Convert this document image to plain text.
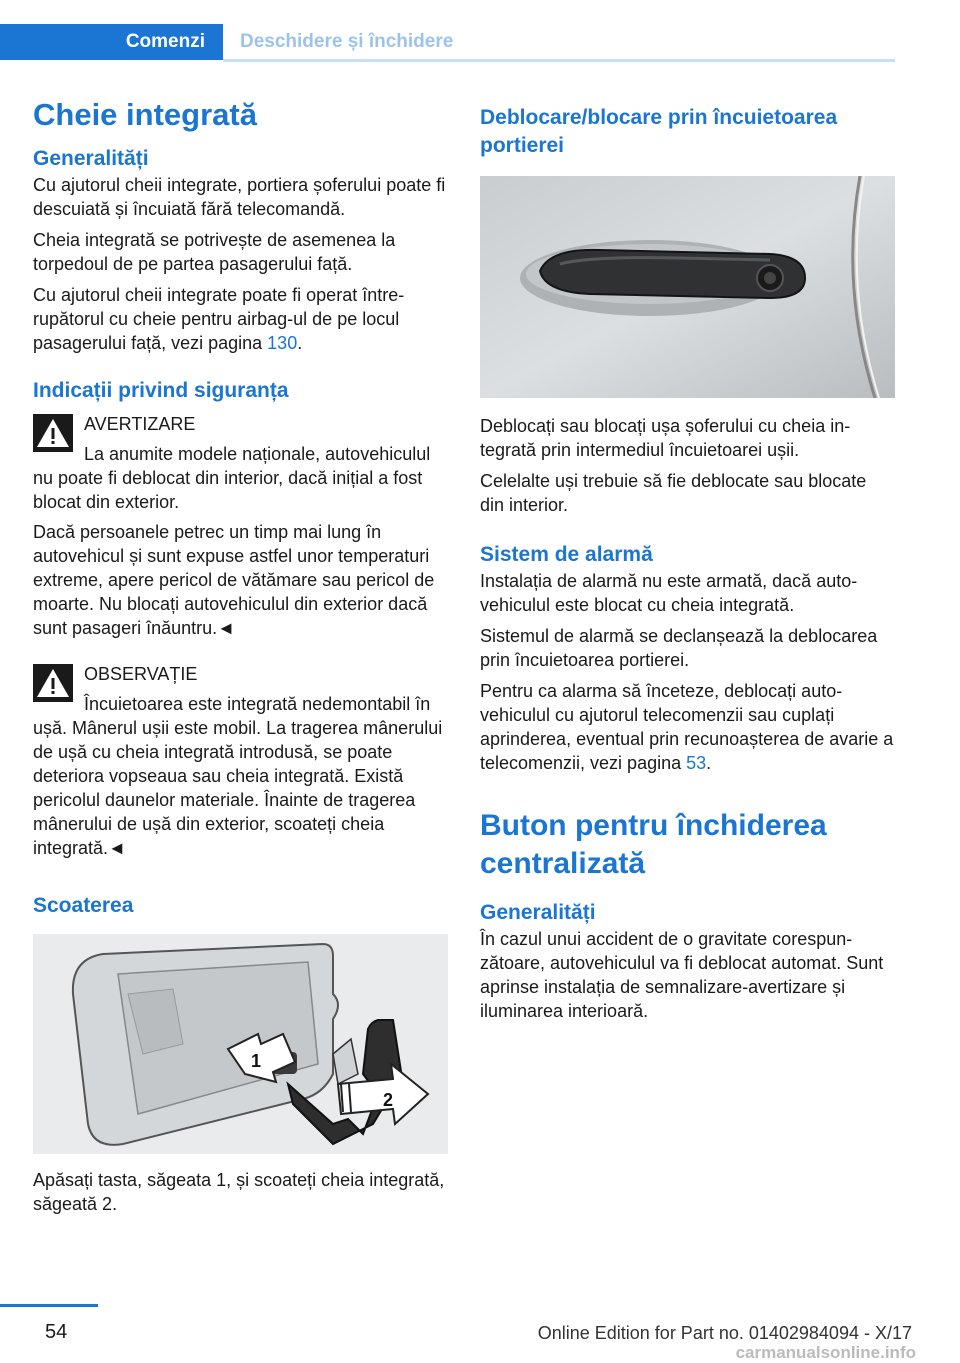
Comenzi	Deschidere și închidere
Cheie integrată
Generalități

Cu ajutorul cheii integrate, portiera șoferului poate fi descuiată și încuiată fără telecomandă.

Cheia integrată se potrivește de asemenea la torpedoul de pe partea pasagerului față.

Cu ajutorul cheii integrate poate fi operat întrerupătorul cu cheie pentru airbag-ul de pe locul pasagerului față, vezi pagina 130.

Indicații privind siguranța

AVERTIZARE

La anumite modele naționale, autovehiculul nu poate fi deblocat din interior, dacă inițial a fost blocat din exterior.

Dacă persoanele petrec un timp mai lung în autovehicul și sunt expuse astfel unor temperaturi extreme, apere pericol de vătămare sau pericol de moarte. Nu blocați autovehiculul din exterior dacă sunt pasageri înăuntru.◄

OBSERVAȚIE

Încuietoarea este integrată nedemontabil în ușă. Mânerul ușii este mobil. La tragerea mânerului de ușă cu cheia integrată introdusă, se poate deteriora vopseaua sau cheia integrată. Există pericolul daunelor materiale. Înainte de tragerea mânerului de ușă din exterior, scoateți cheia integrată.◄

Scoaterea
1
2

Apăsați tasta, săgeata 1, și scoateți cheia integrată, săgeată 2.

Deblocare/blocare prin încuietoarea portierei

Deblocați sau blocați ușa șoferului cu cheia integrată prin intermediul încuietoarei ușii.

Celelalte uși trebuie să fie deblocate sau blocate din interior.

Sistem de alarmă

Instalația de alarmă nu este armată, dacă autovehiculul este blocat cu cheia integrată.

Sistemul de alarmă se declanșează la deblocarea prin încuietoarea portierei.

Pentru ca alarma să înceteze, deblocați autovehiculul cu ajutorul telecomenzii sau cuplați aprinderea, eventual prin recunoașterea de avarie a telecomenzii, vezi pagina 53.

Buton pentru închiderea centralizată
Generalități

În cazul unui accident de o gravitate corespunzătoare, autovehiculul va fi deblocat automat. Sunt aprinse instalația de semnalizare-avertizare și iluminarea interioară.

54	Online Edition for Part no. 01402984094 - X/17
carmanualsonline.info
